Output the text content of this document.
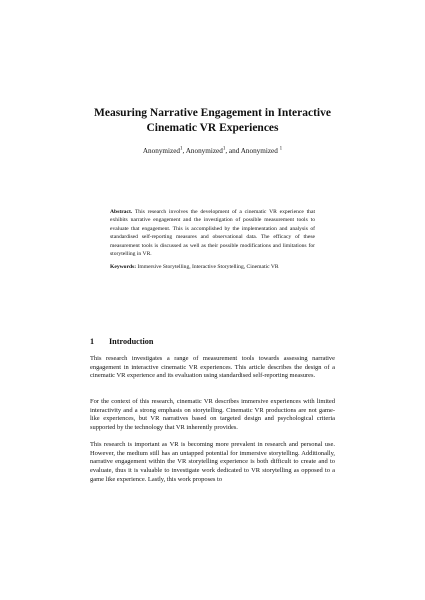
Measuring Narrative Engagement in Interactive
Cinematic VR Experiences
Anonymized$^1$, Anonymized$^1$, and Anonymized $^1$
Abstract. This research involves the development of a cinematic VR experience that exhibits narrative engagement and the investigation of possible measurement tools to evaluate that engagement. This is accomplished by the implementation and analysis of standardised self-reporting measures and observational data. The efficacy of these measurement tools is discussed as well as their possible modifications and limitations for storytelling in VR.
Keywords: Immersive Storytelling, Interactive Storytelling, Cinematic VR
1 Introduction
This research investigates a range of measurement tools towards assessing narrative engagement in interactive cinematic VR experiences. This article describes the design of a cinematic VR experience and its evaluation using standardised self-reporting measures.
For the context of this research, cinematic VR describes immersive experiences with limited interactivity and a strong emphasis on storytelling. Cinematic VR productions are not game-like experiences, but VR narratives based on targeted design and psychological criteria supported by the technology that VR inherently provides.
This research is important as VR is becoming more prevalent in research and personal use. However, the medium still has an untapped potential for immersive storytelling. Additionally, narrative engagement within the VR storytelling experience is both difficult to create and to evaluate, thus it is valuable to investigate work dedicated to VR storytelling as opposed to a game like experience. Lastly, this work proposes to
